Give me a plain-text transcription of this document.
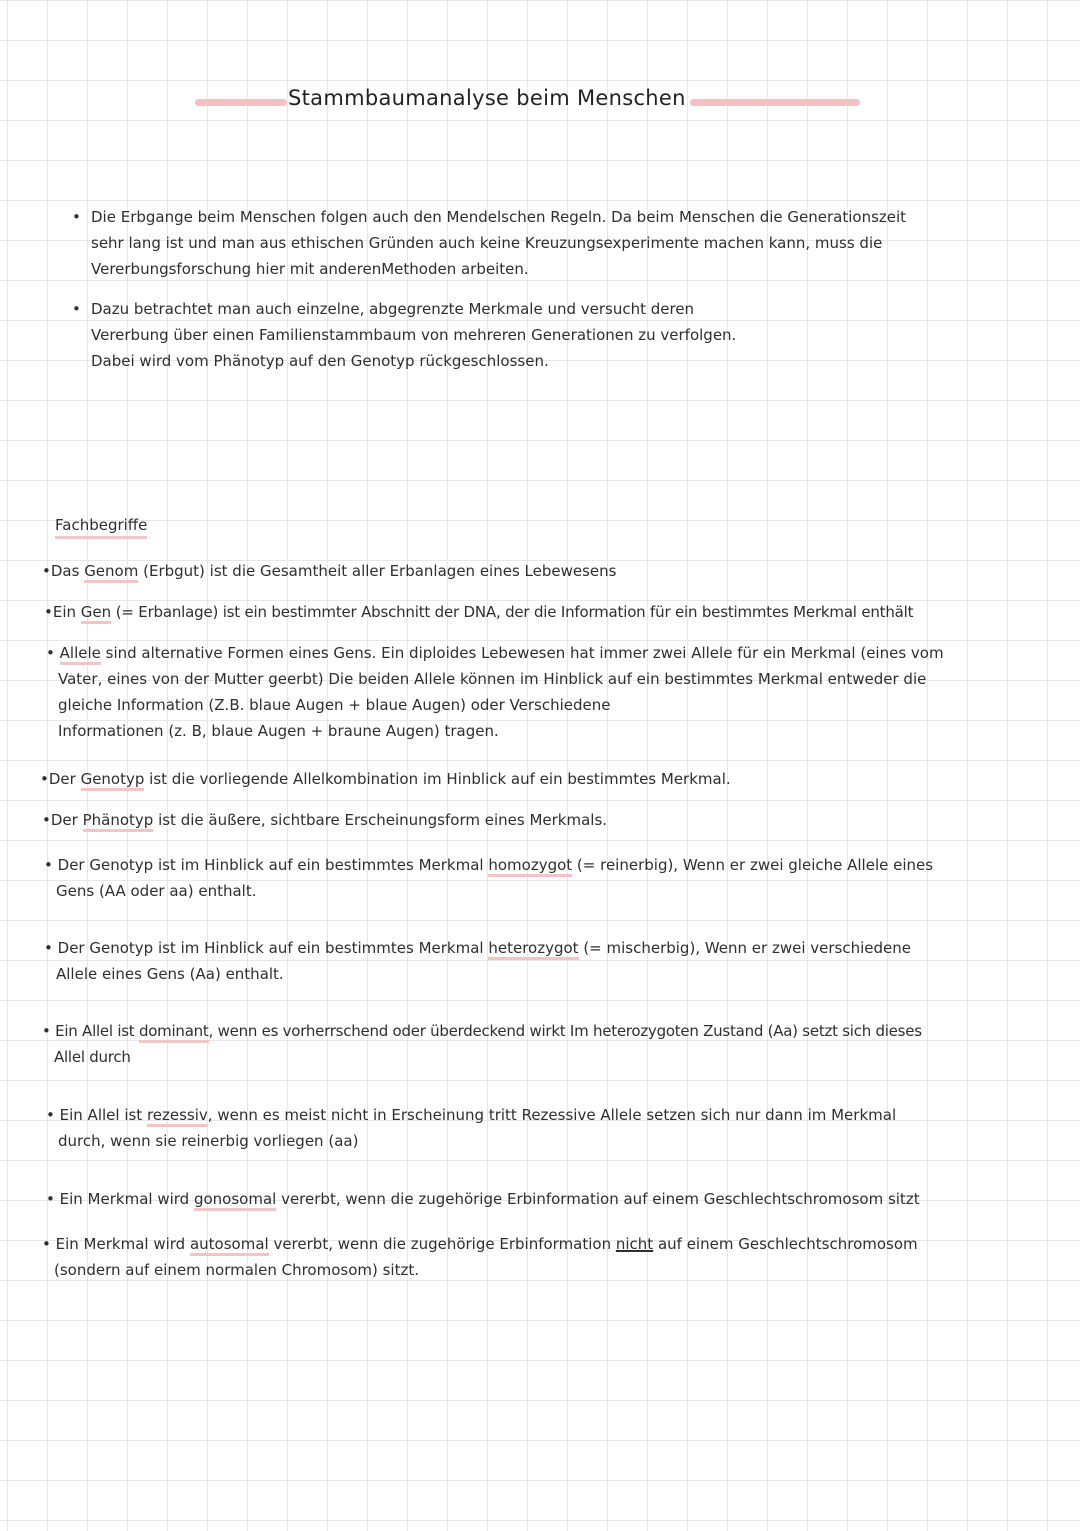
Stammbaumanalyse beim Menschen
• Die Erbgange beim Menschen folgen auch den Mendelschen Regeln. Da beim Menschen die Generationszeit
sehr lang ist und man aus ethischen Gründen auch keine Kreuzungsexperimente machen kann, muss die
Vererbungsforschung hier mit anderenMethoden arbeiten.
• Dazu betrachtet man auch einzelne, abgegrenzte Merkmale und versucht deren
Vererbung über einen Familienstammbaum von mehreren Generationen zu verfolgen.
Dabei wird vom Phänotyp auf den Genotyp rückgeschlossen.
Fachbegriffe
•Das Genom (Erbgut) ist die Gesamtheit aller Erbanlagen eines Lebewesens
•Ein Gen (= Erbanlage) ist ein bestimmter Abschnitt der DNA, der die Information für ein bestimmtes Merkmal enthält
• Allele sind alternative Formen eines Gens. Ein diploides Lebewesen hat immer zwei Allele für ein Merkmal (eines vom
Vater, eines von der Mutter geerbt) Die beiden Allele können im Hinblick auf ein bestimmtes Merkmal entweder die
gleiche Information (Z.B. blaue Augen + blaue Augen) oder Verschiedene
Informationen (z. B, blaue Augen + braune Augen) tragen.
•Der Genotyp ist die vorliegende Allelkombination im Hinblick auf ein bestimmtes Merkmal.
•Der Phänotyp ist die äußere, sichtbare Erscheinungsform eines Merkmals.
• Der Genotyp ist im Hinblick auf ein bestimmtes Merkmal homozygot (= reinerbig), Wenn er zwei gleiche Allele eines
Gens (AA oder aa) enthalt.
• Der Genotyp ist im Hinblick auf ein bestimmtes Merkmal heterozygot (= mischerbig), Wenn er zwei verschiedene
Allele eines Gens (Aa) enthalt.
• Ein Allel ist dominant, wenn es vorherrschend oder überdeckend wirkt Im heterozygoten Zustand (Aa) setzt sich dieses
Allel durch
• Ein Allel ist rezessiv, wenn es meist nicht in Erscheinung tritt Rezessive Allele setzen sich nur dann im Merkmal
durch, wenn sie reinerbig vorliegen (aa)
• Ein Merkmal wird gonosomal vererbt, wenn die zugehörige Erbinformation auf einem Geschlechtschromosom sitzt
• Ein Merkmal wird autosomal vererbt, wenn die zugehörige Erbinformation nicht auf einem Geschlechtschromosom
(sondern auf einem normalen Chromosom) sitzt.
